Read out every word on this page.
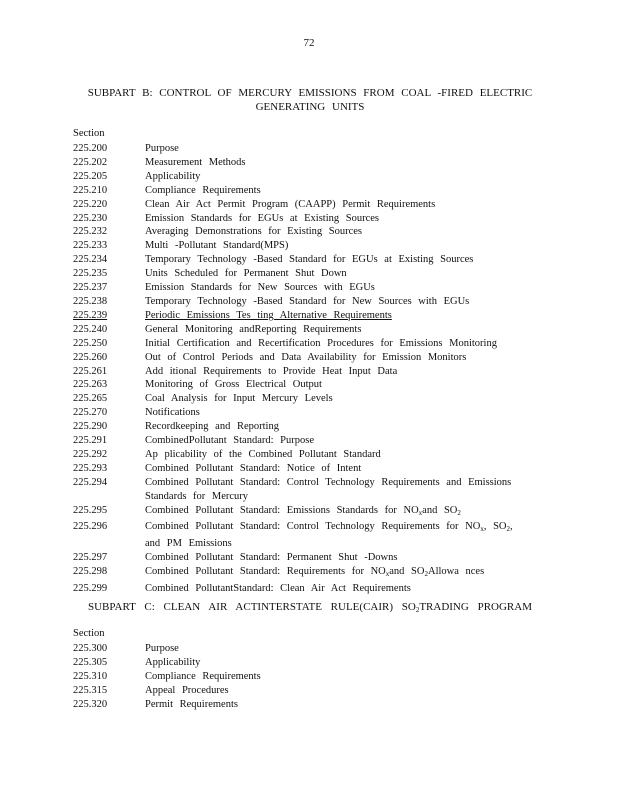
72
SUBPART B: CONTROL OF MERCURY EMISSIONS FROM COAL -FIRED ELECTRIC
GENERATING UNITS
Section
225.200	Purpose
225.202	Measurement Methods
225.205	Applicability
225.210	Compliance Requirements
225.220	Clean Air Act Permit Program (CAAPP) Permit Requirements
225.230	Emission Standards for EGUs at Existing Sources
225.232	Averaging Demonstrations for Existing Sources
225.233	Multi -Pollutant Standard(MPS)
225.234	Temporary Technology -Based Standard for EGUs at Existing Sources
225.235	Units Scheduled for Permanent Shut Down
225.237	Emission Standards for New Sources with EGUs
225.238	Temporary Technology -Based Standard for New Sources with EGUs
225.239	Periodic Emissions Tes ting Alternative Requirements
225.240	General Monitoring andReporting Requirements
225.250	Initial Certification and Recertification Procedures for Emissions Monitoring
225.260	Out of Control Periods and Data Availability for Emission Monitors
225.261	Add itional Requirements to Provide Heat Input Data
225.263	Monitoring of Gross Electrical Output
225.265	Coal Analysis for Input Mercury Levels
225.270	Notifications
225.290	Recordkeeping and Reporting
225.291	CombinedPollutant Standard: Purpose
225.292	Ap plicability of the Combined Pollutant Standard
225.293	Combined Pollutant Standard: Notice of Intent
225.294	Combined Pollutant Standard: Control Technology Requirements and Emissions
Standards for Mercury
225.295	Combined Pollutant Standard: Emissions Standards for $NO_xand$ $SO_2$
225.296	Combined Pollutant Standard: Control Technology Requirements for $NO_x$, $SO_2$,
and PM Emissions
225.297	Combined Pollutant Standard: Permanent Shut -Downs
225.298	Combined Pollutant Standard: Requirements for $NO_xand$ $SO_2Allowa$ nces
225.299	Combined PollutantStandard: Clean Air Act Requirements
SUBPART C: CLEAN AIR ACTINTERSTATE RULE(CAIR) $SO_2TRADING$ PROGRAM
Section
225.300	Purpose
225.305	Applicability
225.310	Compliance Requirements
225.315	Appeal Procedures
225.320	Permit Requirements
